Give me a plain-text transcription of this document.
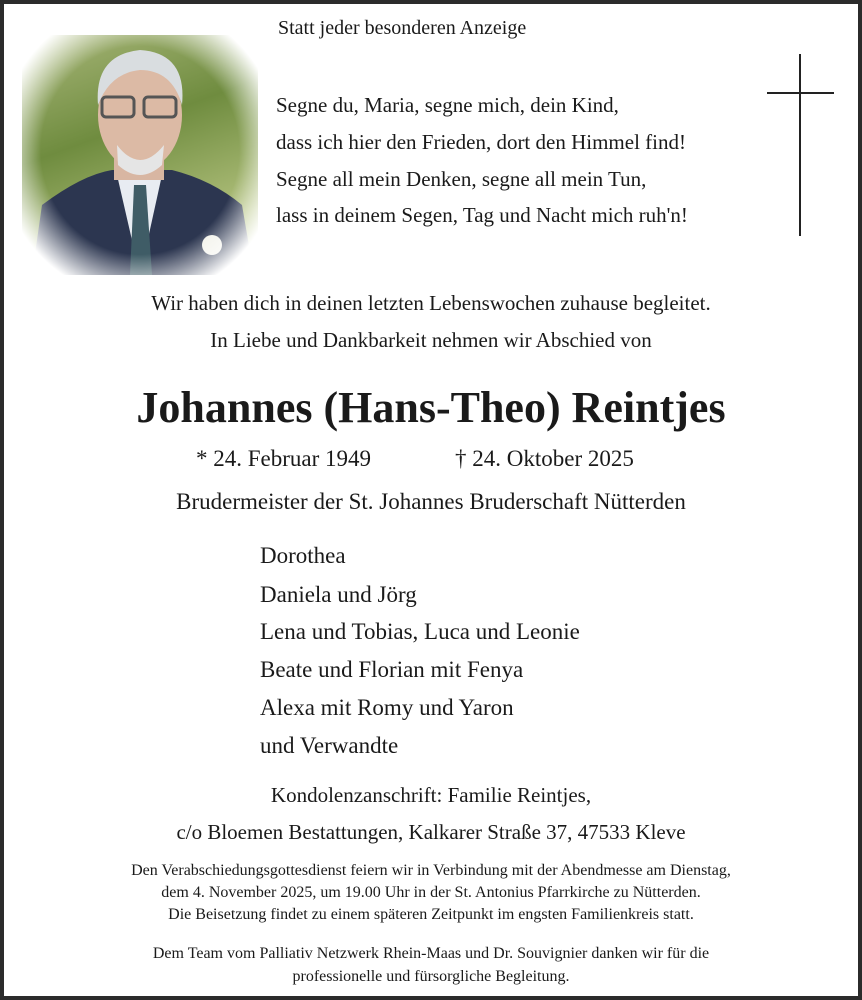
Statt jeder besonderen Anzeige
Segne du, Maria, segne mich, dein Kind,
dass ich hier den Frieden, dort den Himmel find!
Segne all mein Denken, segne all mein Tun,
lass in deinem Segen, Tag und Nacht mich ruh'n!
Wir haben dich in deinen letzten Lebenswochen zuhause begleitet.
In Liebe und Dankbarkeit nehmen wir Abschied von
Johannes (Hans-Theo) Reintjes
* 24. Februar 1949	† 24. Oktober 2025
Brudermeister der St. Johannes Bruderschaft Nütterden
Dorothea
Daniela und Jörg
Lena und Tobias, Luca und Leonie
Beate und Florian mit Fenya
Alexa mit Romy und Yaron
und Verwandte
Kondolenzanschrift: Familie Reintjes,
c/o Bloemen Bestattungen, Kalkarer Straße 37, 47533 Kleve
Den Verabschiedungsgottesdienst feiern wir in Verbindung mit der Abendmesse am Dienstag,
dem 4. November 2025, um 19.00 Uhr in der St. Antonius Pfarrkirche zu Nütterden.
Die Beisetzung findet zu einem späteren Zeitpunkt im engsten Familienkreis statt.
Dem Team vom Palliativ Netzwerk Rhein-Maas und Dr. Souvignier danken wir für die
professionelle und fürsorgliche Begleitung.
